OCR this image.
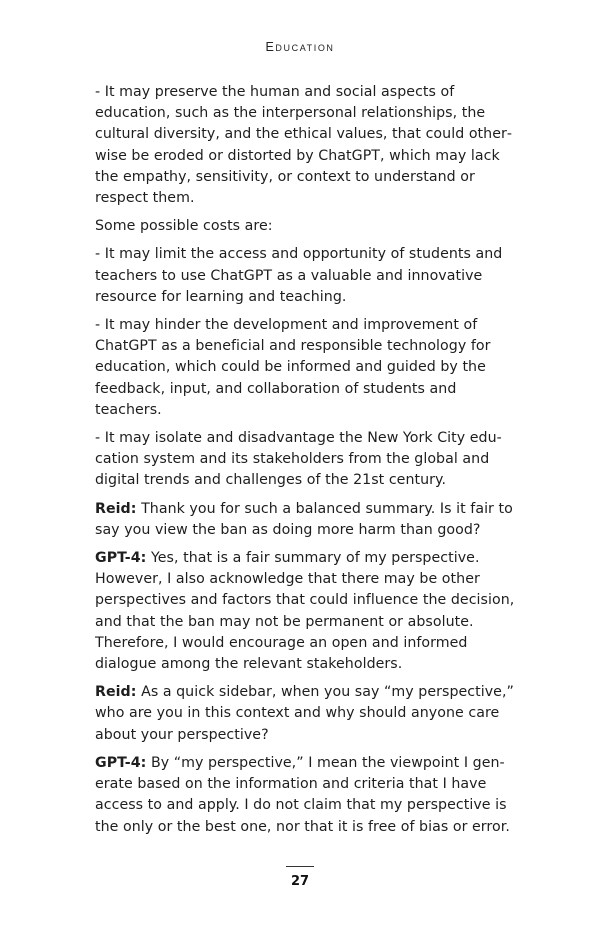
Education

- It may preserve the human and social aspects of education, such as the interpersonal relationships, the cultural diversity, and the ethical values, that could otherwise be eroded or distorted by ChatGPT, which may lack the empathy, sensitivity, or context to understand or respect them.

Some possible costs are:

- It may limit the access and opportunity of students and teachers to use ChatGPT as a valuable and innovative resource for learning and teaching.

- It may hinder the development and improvement of ChatGPT as a beneficial and responsible technology for education, which could be informed and guided by the feedback, input, and collaboration of students and teachers.

- It may isolate and disadvantage the New York City education system and its stakeholders from the global and digital trends and challenges of the 21st century.

Reid: Thank you for such a balanced summary. Is it fair to say you view the ban as doing more harm than good?

GPT-4: Yes, that is a fair summary of my perspective. However, I also acknowledge that there may be other perspectives and factors that could influence the decision, and that the ban may not be permanent or absolute. Therefore, I would encourage an open and informed dialogue among the relevant stakeholders.

Reid: As a quick sidebar, when you say “my perspective,” who are you in this context and why should anyone care about your perspective?

GPT-4: By “my perspective,” I mean the viewpoint I generate based on the information and criteria that I have access to and apply. I do not claim that my perspective is the only or the best one, nor that it is free of bias or error.

27
